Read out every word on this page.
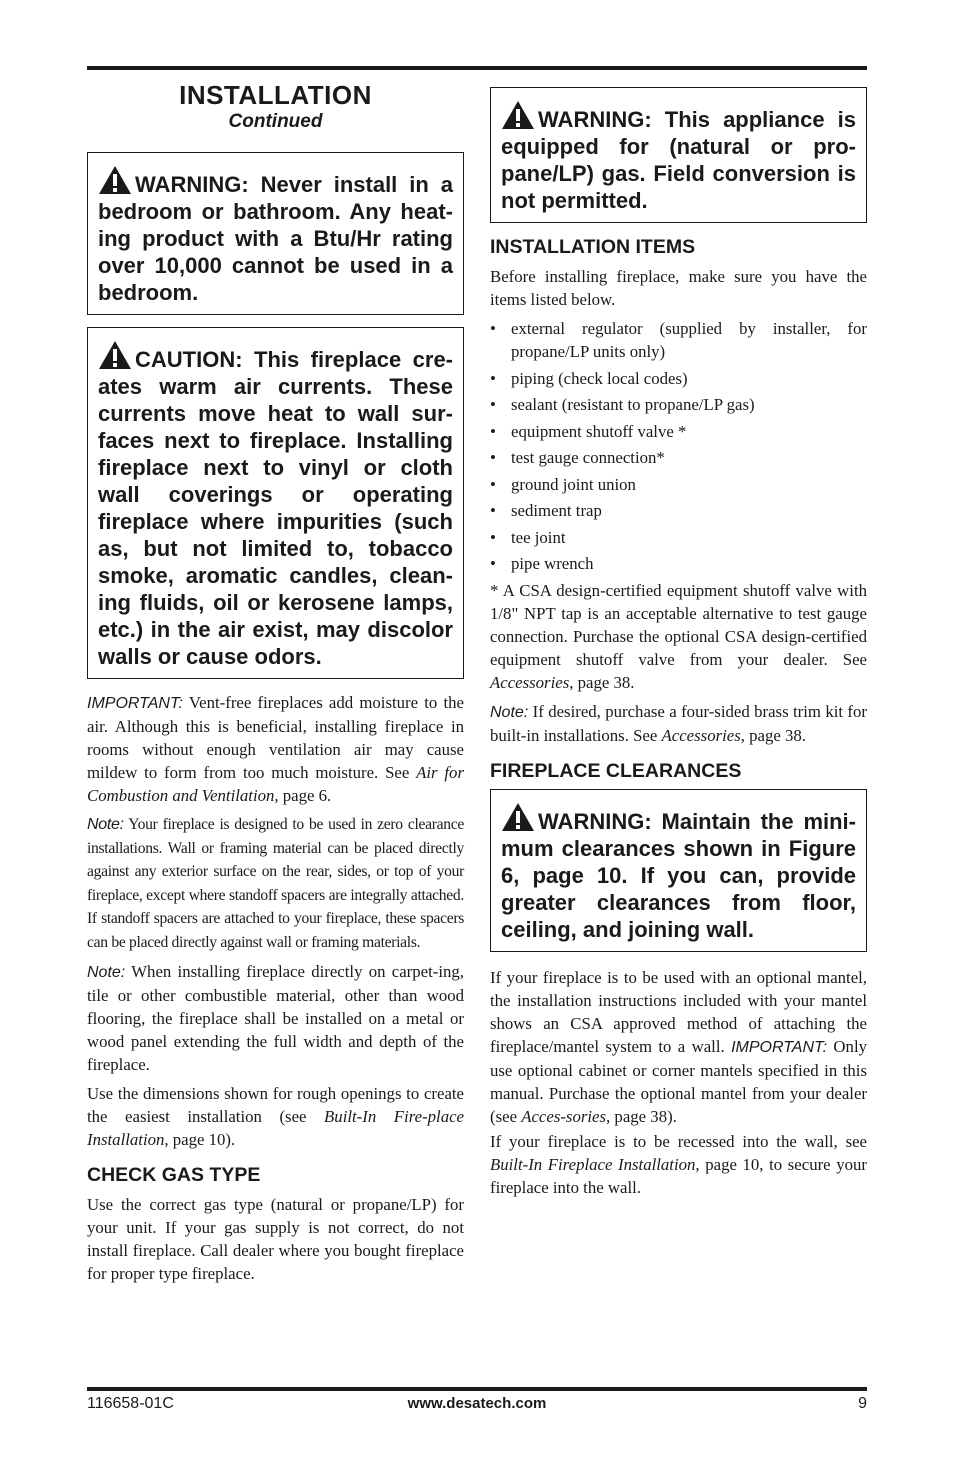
INSTALLATION
Continued
WARNING: Never install in a bedroom or bathroom. Any heat-ing product with a Btu/Hr rating over 10,000 cannot be used in a bedroom.
CAUTION: This fireplace cre-ates warm air currents. These currents move heat to wall sur-faces next to fireplace. Installing fireplace next to vinyl or cloth wall coverings or operating fireplace where impurities (such as, but not limited to, tobacco smoke, aromatic candles, clean-ing fluids, oil or kerosene lamps, etc.) in the air exist, may discolor walls or cause odors.

IMPORTANT: Vent-free fireplaces add moisture to the air. Although this is beneficial, installing fireplace in rooms without enough ventilation air may cause mildew to form from too much moisture. See Air for Combustion and Ventilation, page 6.

Note: Your fireplace is designed to be used in zero clearance installations. Wall or framing material can be placed directly against any exterior surface on the rear, sides, or top of your fireplace, except where standoff spacers are integrally attached. If standoff spacers are attached to your fireplace, these spacers can be placed directly against wall or framing materials.

Note: When installing fireplace directly on carpet-ing, tile or other combustible material, other than wood flooring, the fireplace shall be installed on a metal or wood panel extending the full width and depth of the fireplace.

Use the dimensions shown for rough openings to create the easiest installation (see Built-In Fire-place Installation, page 10).

CHECK GAS TYPE

Use the correct gas type (natural or propane/LP) for your unit. If your gas supply is not correct, do not install fireplace. Call dealer where you bought fireplace for proper type fireplace.

WARNING: This appliance is equipped for (natural or pro-pane/LP) gas. Field conversion is not permitted.
INSTALLATION ITEMS

Before installing fireplace, make sure you have the items listed below.

• external regulator (supplied by installer, for propane/LP units only)
• piping (check local codes)
• sealant (resistant to propane/LP gas)
• equipment shutoff valve *
• test gauge connection*
• ground joint union
• sediment trap
• tee joint
• pipe wrench

* A CSA design-certified equipment shutoff valve with 1/8" NPT tap is an acceptable alternative to test gauge connection. Purchase the optional CSA design-certified equipment shutoff valve from your dealer. See Accessories, page 38.

Note: If desired, purchase a four-sided brass trim kit for built-in installations. See Accessories, page 38.

FIREPLACE CLEARANCES
WARNING: Maintain the mini-mum clearances shown in Figure 6, page 10. If you can, provide greater clearances from floor, ceiling, and joining wall.

If your fireplace is to be used with an optional mantel, the installation instructions included with your mantel shows an CSA approved method of attaching the fireplace/mantel system to a wall. IMPORTANT: Only use optional cabinet or corner mantels specified in this manual. Purchase the optional mantel from your dealer (see Acces-sories, page 38).

If your fireplace is to be recessed into the wall, see Built-In Fireplace Installation, page 10, to secure your fireplace into the wall.

116658-01C	www.desatech.com	9
